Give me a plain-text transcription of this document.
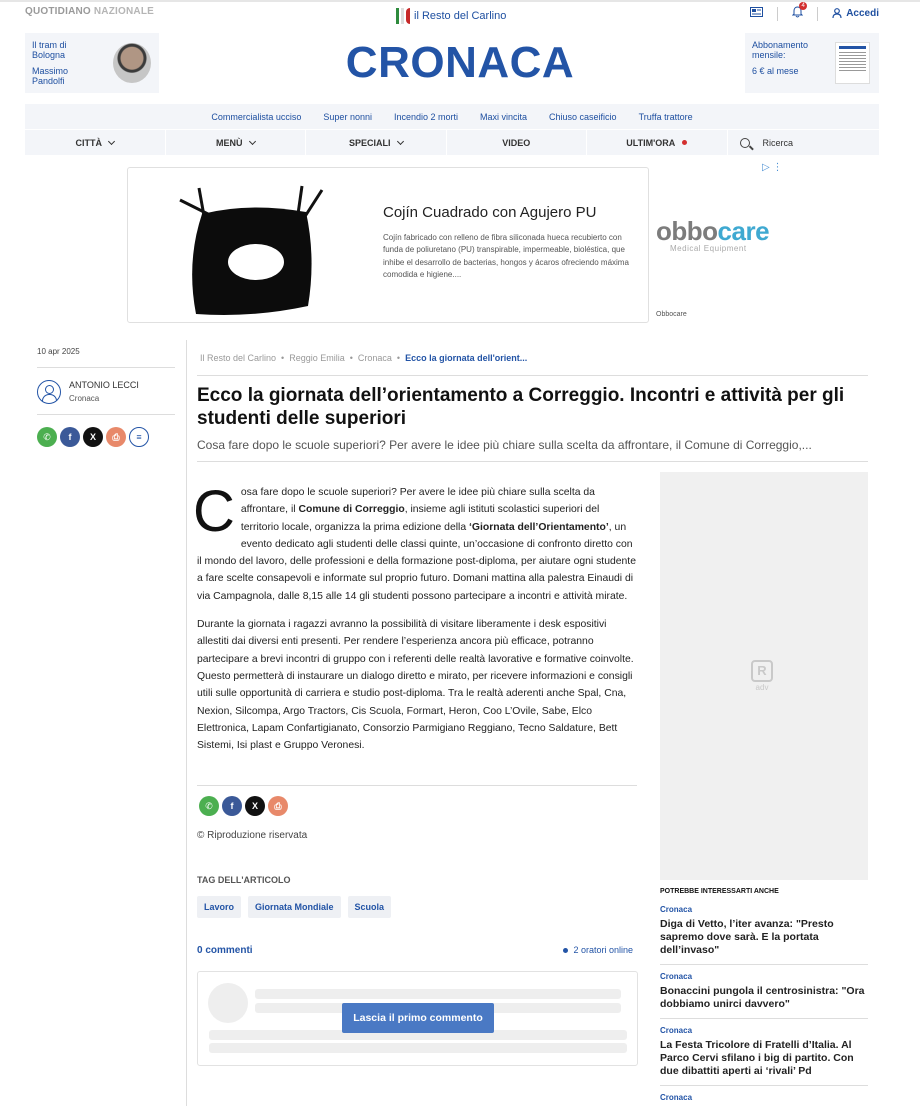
QUOTIDIANO NAZIONALE	il Resto del Carlino
4
Accedi
Il tram di Bologna
Massimo Pandolfi	CRONACA	Abbonamento mensile:
6 € al mese
Commercialista ucciso Super nonni Incendio 2 morti Maxi vincita Chiuso caseificio Truffa trattore
CITTÀ	MENÙ	SPECIALI	VIDEO	ULTIM'ORA	Ricerca
Cojín Cuadrado con Agujero PU
Cojín fabricado con relleno de fibra siliconada hueca recubierto con funda de poliuretano (PU) transpirable, impermeable, bioléstica, que inhibe el desarrollo de bacterias, hongos y ácaros ofreciendo máxima comodida e higiene....
▷ ⋮
obbocare
Medical Equipment
Obbocare
10 apr 2025
ANTONIO LECCI
Cronaca
✆	f	X	⎙	≡
Il Resto del Carlino • Reggio Emilia • Cronaca • Ecco la giornata dell'orient...
Ecco la giornata dell’orientamento a Correggio. Incontri e attività per gli studenti delle superiori
Cosa fare dopo le scuole superiori? Per avere le idee più chiare sulla scelta da affrontare, il Comune di Correggio,...

Cosa fare dopo le scuole superiori? Per avere le idee più chiare sulla scelta da affrontare, il Comune di Correggio, insieme agli istituti scolastici superiori del territorio locale, organizza la prima edizione della ‘Giornata dell’Orientamento’, un evento dedicato agli studenti delle classi quinte, un’occasione di confronto diretto con il mondo del lavoro, delle professioni e della formazione post-diploma, per aiutare ogni studente a fare scelte consapevoli e informate sul proprio futuro. Domani mattina alla palestra Einaudi di via Campagnola, dalle 8,15 alle 14 gli studenti possono partecipare a incontri e attività mirate.

Durante la giornata i ragazzi avranno la possibilità di visitare liberamente i desk espositivi allestiti dai diversi enti presenti. Per rendere l’esperienza ancora più efficace, potranno partecipare a brevi incontri di gruppo con i referenti delle realtà lavorative e formative coinvolte. Questo permetterà di instaurare un dialogo diretto e mirato, per ricevere informazioni e consigli utili sulle opportunità di carriera e studio post-diploma. Tra le realtà aderenti anche Spal, Cna, Nexion, Silcompa, Argo Tractors, Cis Scuola, Formart, Heron, Coo L’Ovile, Sabe, Elco Elettronica, Lapam Confartigianato, Consorzio Parmigiano Reggiano, Tecno Saldature, Bett Sistemi, Isi plast e Gruppo Veronesi.

✆	f	X	⎙
© Riproduzione riservata
TAG DELL'ARTICOLO
Lavoro	Giornata Mondiale	Scuola
0 commenti	2 oratori online
Lascia il primo commento
R
adv
POTREBBE INTERESSARTI ANCHE
Cronaca
Diga di Vetto, l’iter avanza: "Presto sapremo dove sarà. E la portata dell’invaso"
Cronaca
Bonaccini pungola il centrosinistra: "Ora dobbiamo unirci davvero"
Cronaca
La Festa Tricolore di Fratelli d’Italia. Al Parco Cervi sfilano i big di partito. Con due dibattiti aperti ai ‘rivali’ Pd
Cronaca
